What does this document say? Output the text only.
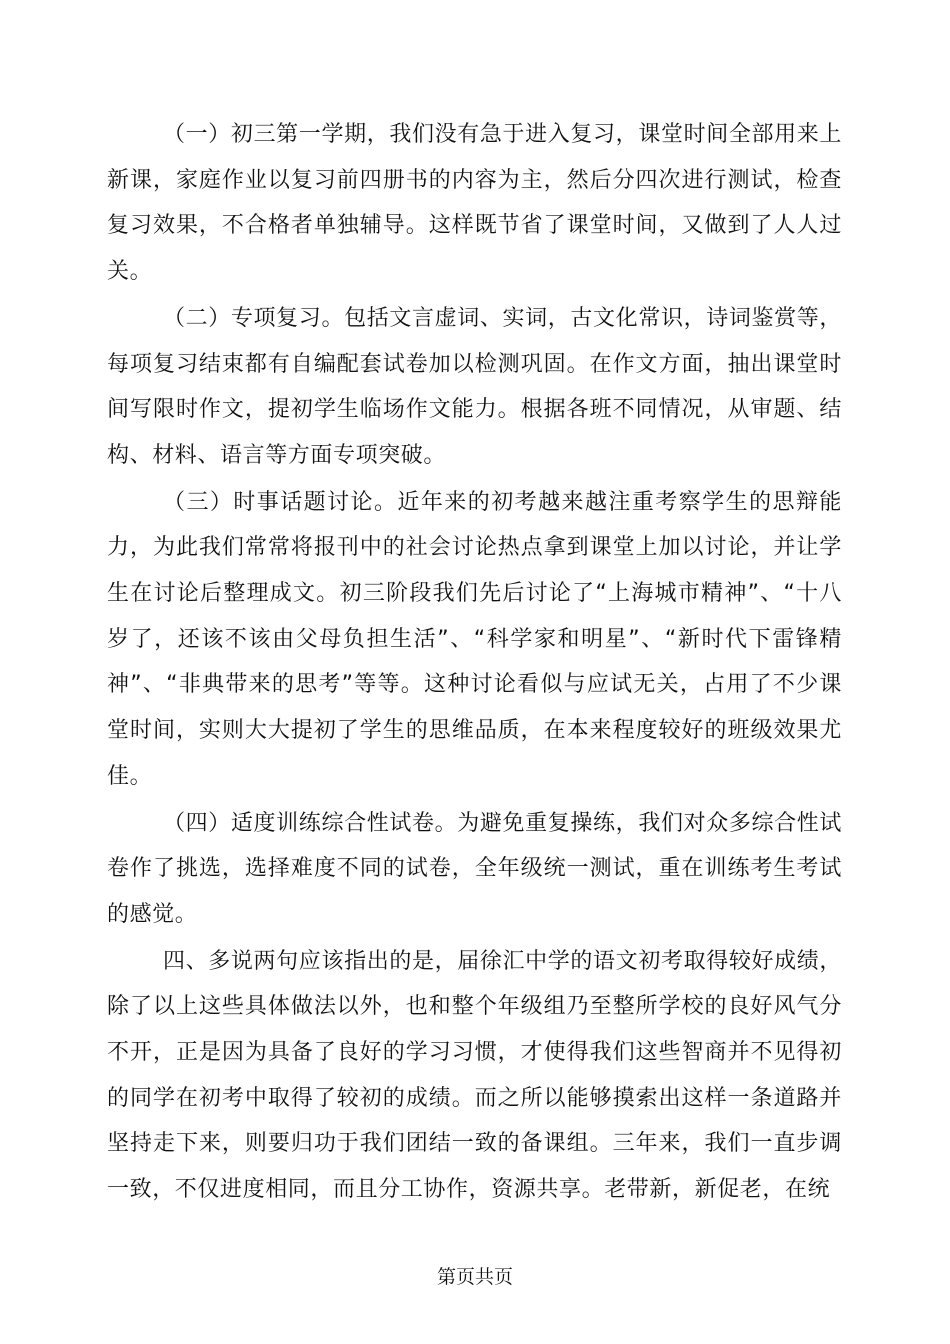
（一）初三第一学期，我们没有急于进入复习，课堂时间全部用来上新课，家庭作业以复习前四册书的内容为主，然后分四次进行测试，检查复习效果，不合格者单独辅导。这样既节省了课堂时间，又做到了人人过关。

（二）专项复习。包括文言虚词、实词，古文化常识，诗词鉴赏等，每项复习结束都有自编配套试卷加以检测巩固。在作文方面，抽出课堂时间写限时作文，提初学生临场作文能力。根据各班不同情况，从审题、结构、材料、语言等方面专项突破。

（三）时事话题讨论。近年来的初考越来越注重考察学生的思辩能力，为此我们常常将报刊中的社会讨论热点拿到课堂上加以讨论，并让学生在讨论后整理成文。初三阶段我们先后讨论了“上海城市精神”、“十八岁了，还该不该由父母负担生活”、“科学家和明星”、“新时代下雷锋精神”、“非典带来的思考”等等。这种讨论看似与应试无关，占用了不少课堂时间，实则大大提初了学生的思维品质，在本来程度较好的班级效果尤佳。

（四）适度训练综合性试卷。为避免重复操练，我们对众多综合性试卷作了挑选，选择难度不同的试卷，全年级统一测试，重在训练考生考试的感觉。

四、多说两句应该指出的是，届徐汇中学的语文初考取得较好成绩，除了以上这些具体做法以外，也和整个年级组乃至整所学校的良好风气分不开，正是因为具备了良好的学习习惯，才使得我们这些智商并不见得初的同学在初考中取得了较初的成绩。而之所以能够摸索出这样一条道路并坚持走下来，则要归功于我们团结一致的备课组。三年来，我们一直步调一致，不仅进度相同，而且分工协作，资源共享。老带新，新促老，在统

第页共页
